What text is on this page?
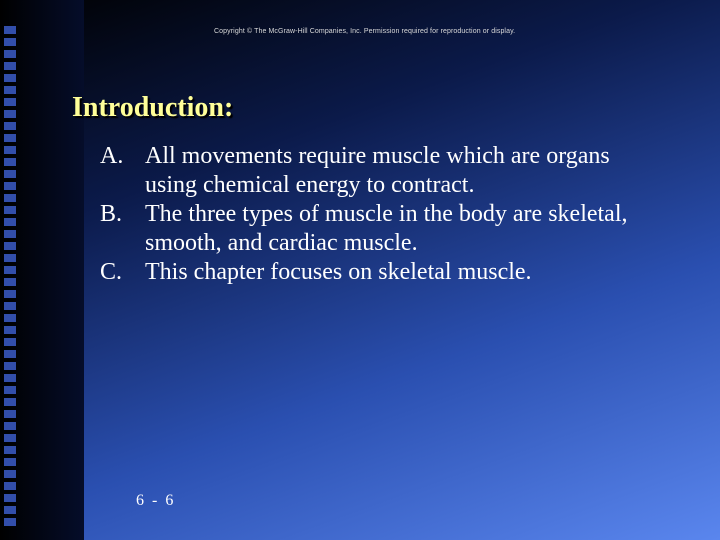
Copyright © The McGraw-Hill Companies, Inc. Permission required for reproduction or display.
Introduction:
A. All movements require muscle which are organs using chemical energy to contract.
B. The three types of muscle in the body are skeletal, smooth, and cardiac muscle.
C. This chapter focuses on skeletal muscle.
6 - 6
